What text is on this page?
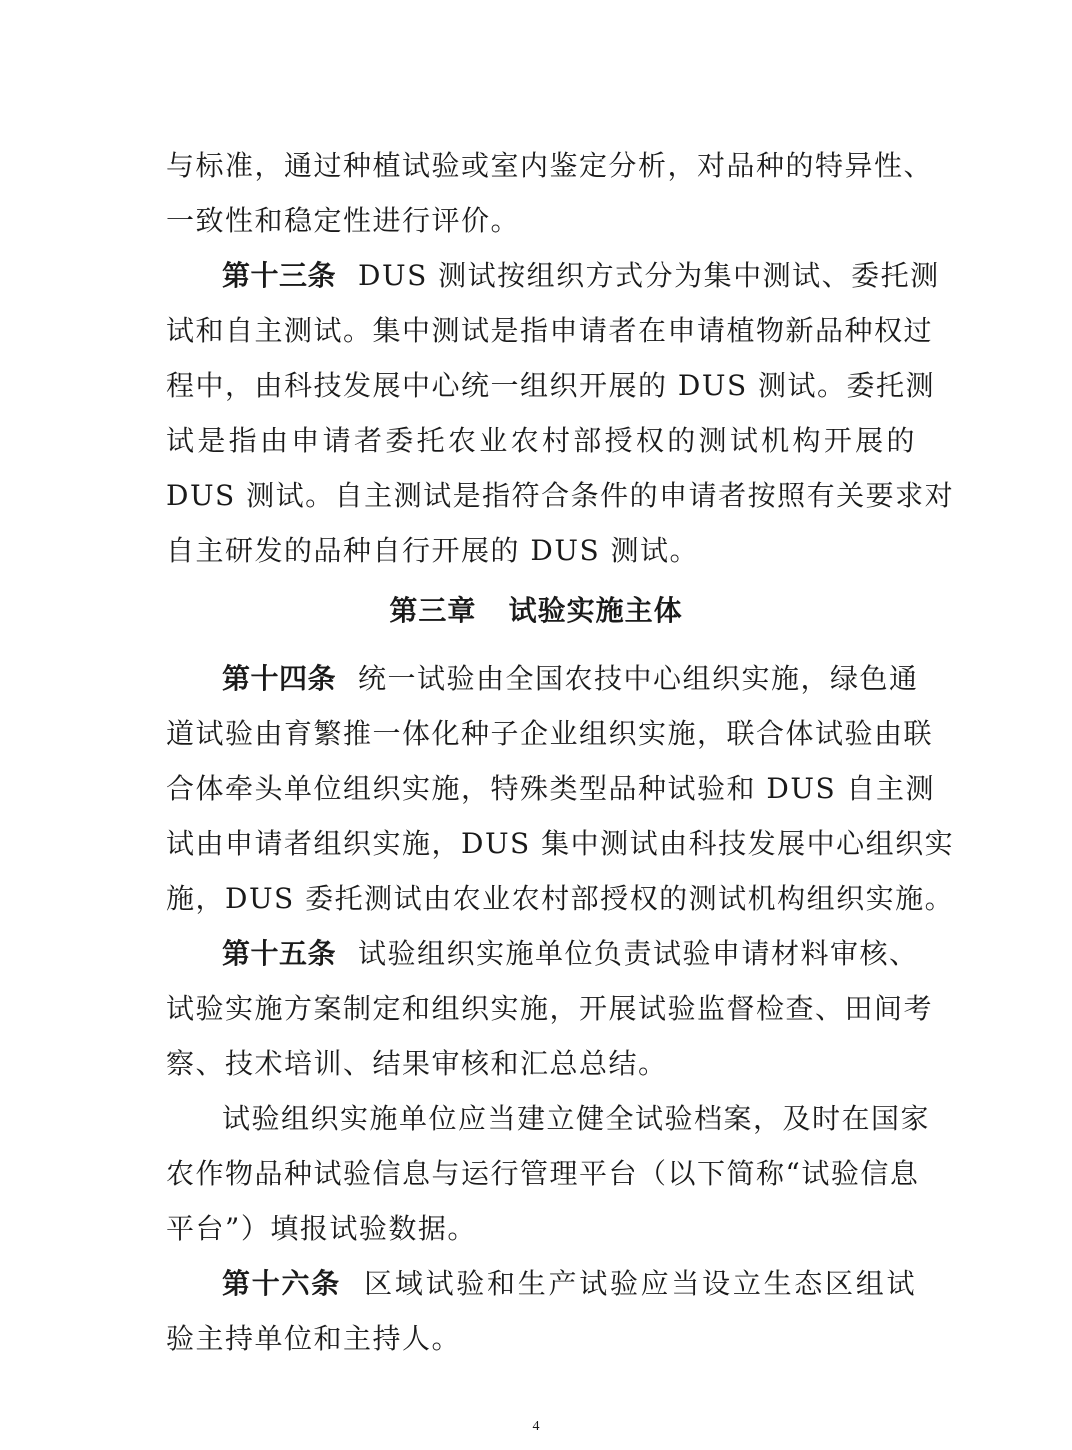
与标准，通过种植试验或室内鉴定分析，对品种的特异性、
一致性和稳定性进行评价。
第十三条 DUS 测试按组织方式分为集中测试、委托测
试和自主测试。集中测试是指申请者在申请植物新品种权过
程中，由科技发展中心统一组织开展的 DUS 测试。委托测
试是指由申请者委托农业农村部授权的测试机构开展的
DUS 测试。自主测试是指符合条件的申请者按照有关要求对
自主研发的品种自行开展的 DUS 测试。
第三章 试验实施主体
第十四条 统一试验由全国农技中心组织实施，绿色通
道试验由育繁推一体化种子企业组织实施，联合体试验由联
合体牵头单位组织实施，特殊类型品种试验和 DUS 自主测
试由申请者组织实施，DUS 集中测试由科技发展中心组织实
施，DUS 委托测试由农业农村部授权的测试机构组织实施。
第十五条 试验组织实施单位负责试验申请材料审核、
试验实施方案制定和组织实施，开展试验监督检查、田间考
察、技术培训、结果审核和汇总总结。
试验组织实施单位应当建立健全试验档案，及时在国家
农作物品种试验信息与运行管理平台（以下简称“试验信息
平台”）填报试验数据。
第十六条 区域试验和生产试验应当设立生态区组试
验主持单位和主持人。
4
